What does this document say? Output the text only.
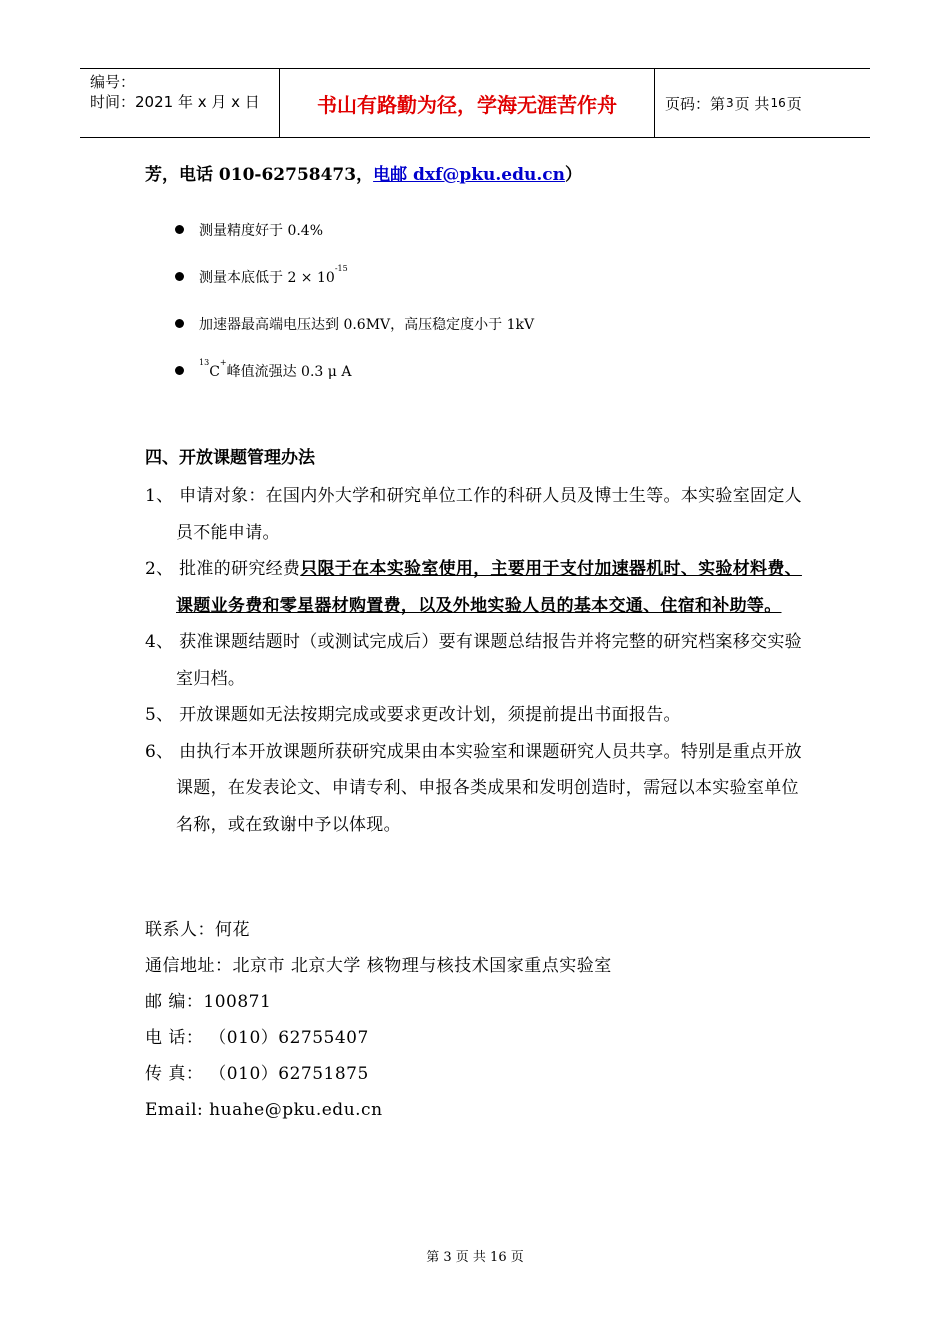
编号：
时间：2021 年 x 月 x 日	书山有路勤为径，学海无涯苦作舟	页码：第 3 页 共 16 页
芳，电话 010-62758473，电邮 dxf@pku.edu.cn）
测量精度好于 0.4%
测量本底低于 $2 \times 10^{-15}$
加速器最高端电压达到 0.6MV，高压稳定度小于 1kV
$^{13}$C+峰值流强达 0.3 μ A
四、开放课题管理办法
1、 申请对象：在国内外大学和研究单位工作的科研人员及博士生等。本实验室固定人员不能申请。
2、 批准的研究经费只限于在本实验室使用，主要用于支付加速器机时、实验材料费、课题业务费和零星器材购置费，以及外地实验人员的基本交通、住宿和补助等。
4、 获准课题结题时（或测试完成后）要有课题总结报告并将完整的研究档案移交实验室归档。
5、 开放课题如无法按期完成或要求更改计划，须提前提出书面报告。
6、 由执行本开放课题所获研究成果由本实验室和课题研究人员共享。特别是重点开放课题，在发表论文、申请专利、申报各类成果和发明创造时，需冠以本实验室单位名称，或在致谢中予以体现。
联系人：何花
通信地址：北京市 北京大学 核物理与核技术国家重点实验室
邮 编：100871
电 话： （010）62755407
传 真： （010）62751875
Email: huahe@pku.edu.cn
第 3 页 共 16 页
